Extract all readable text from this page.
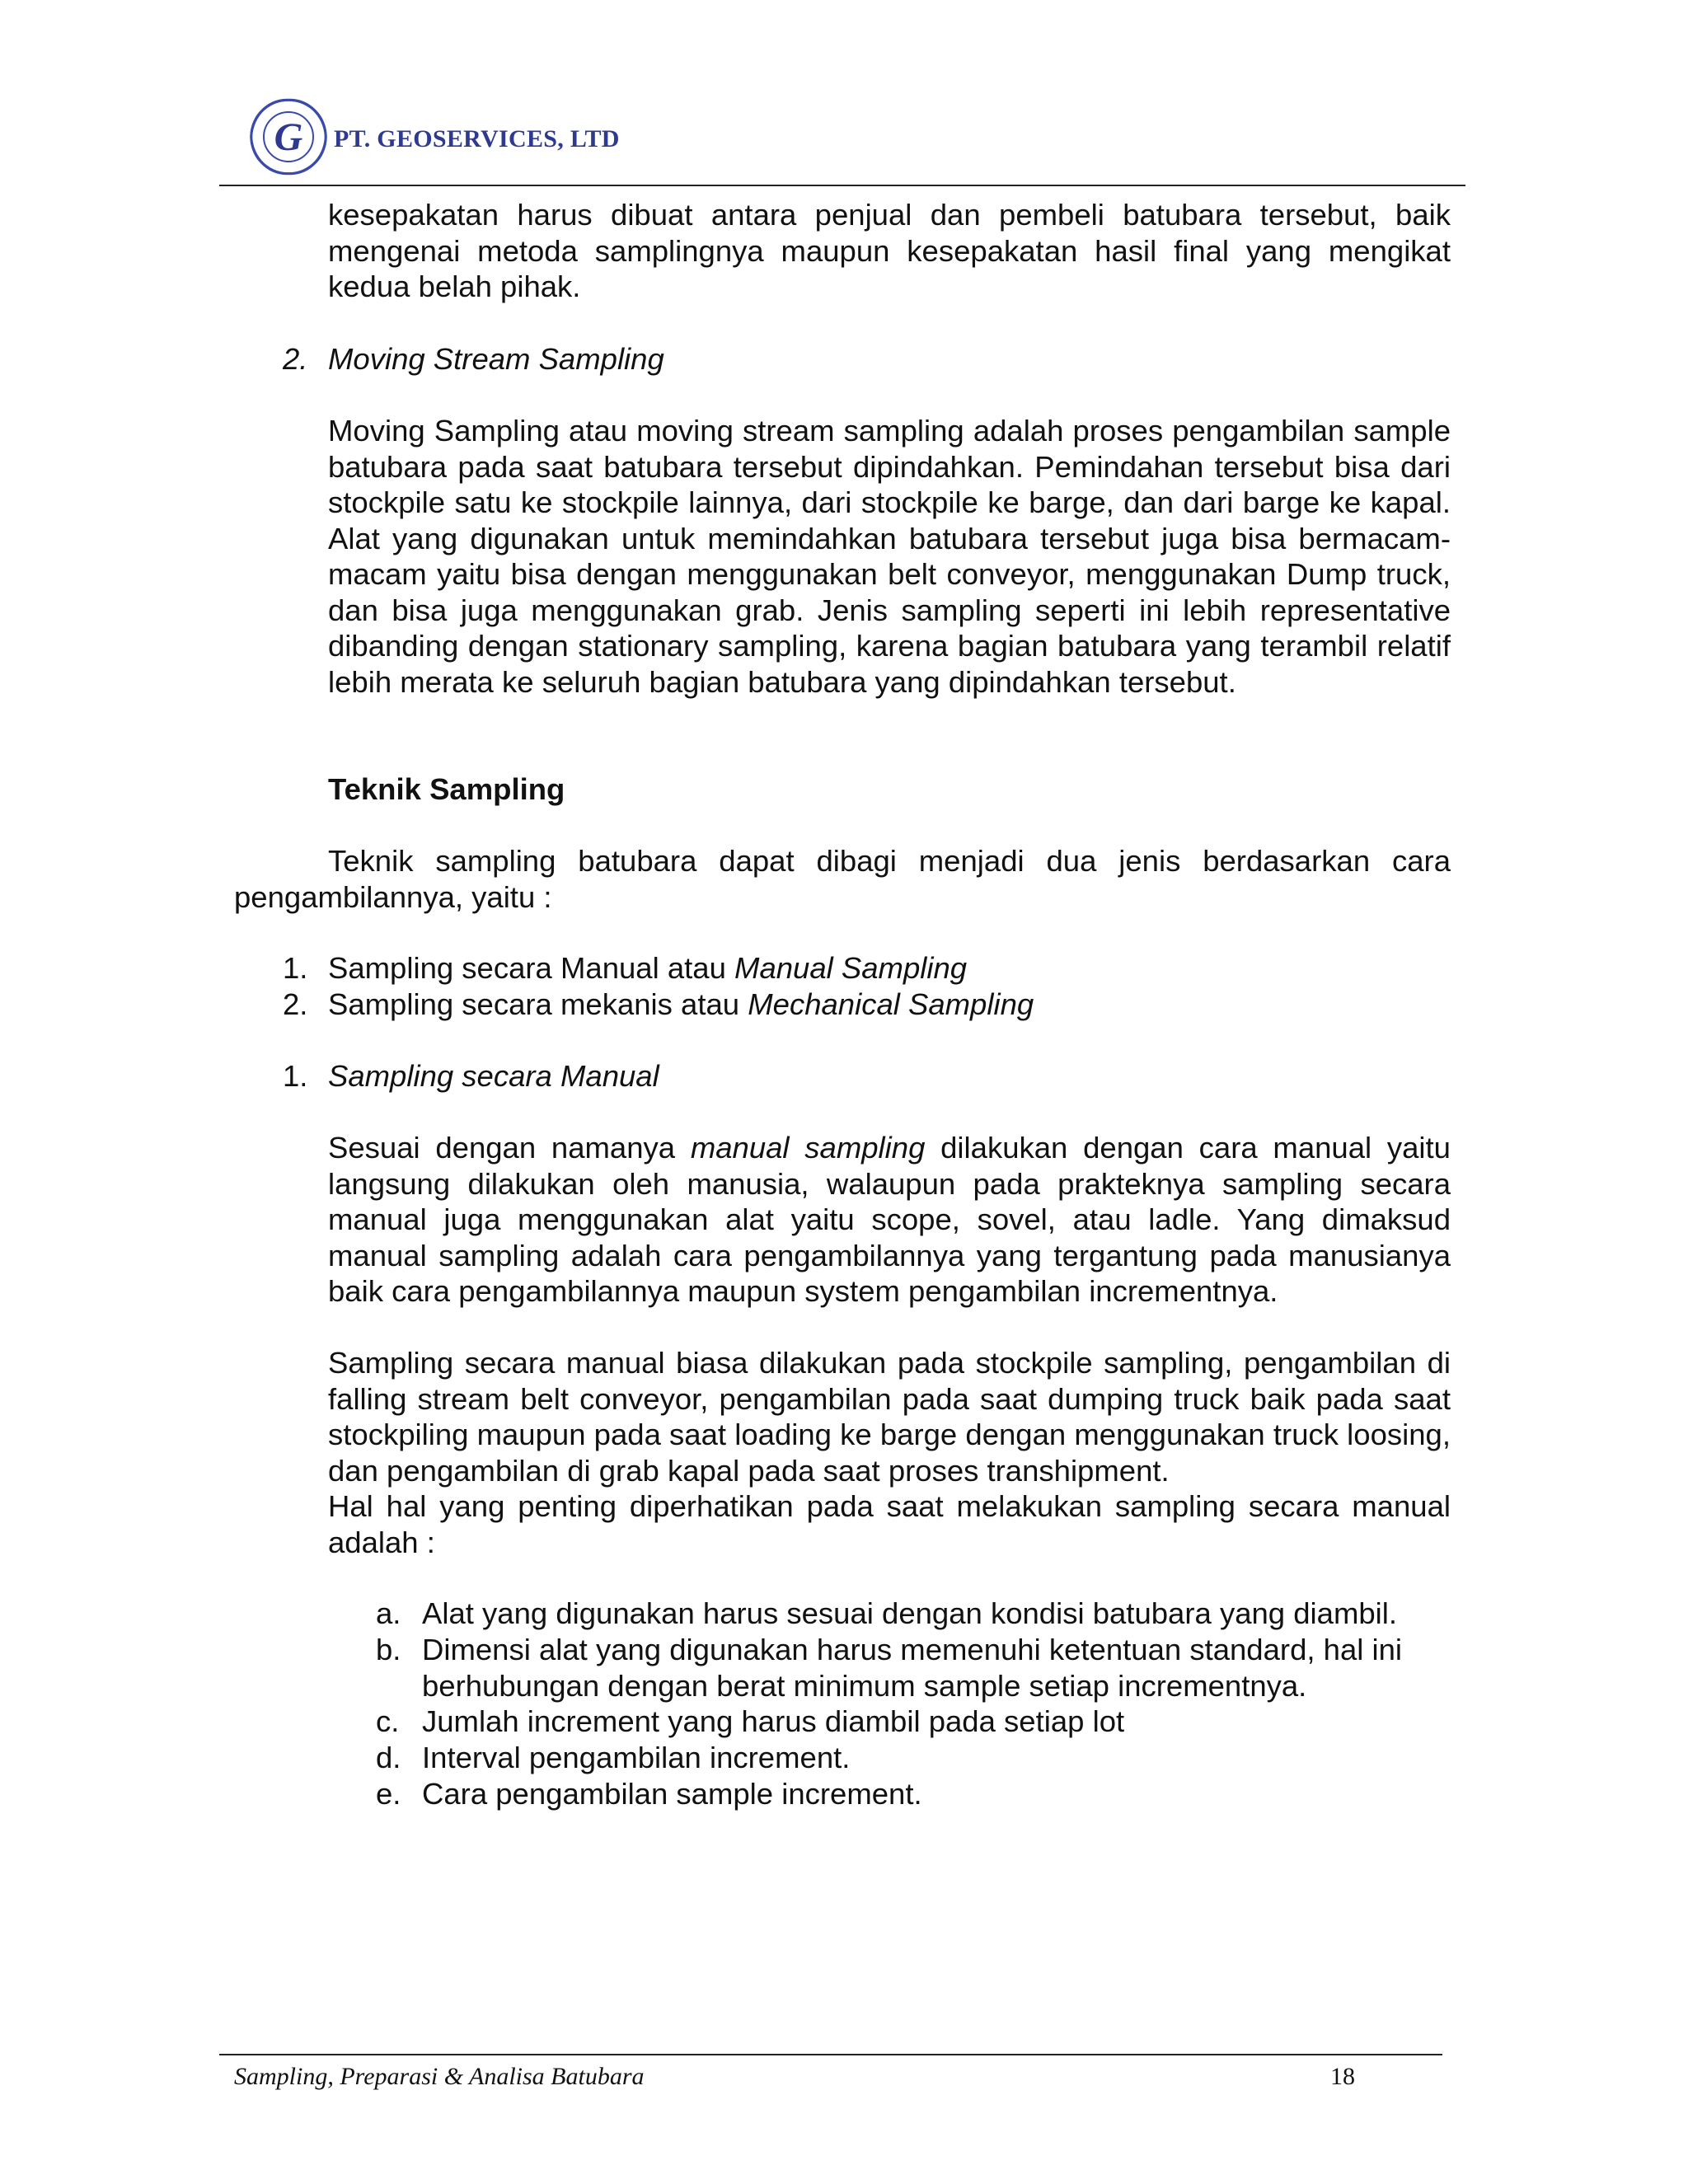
G PT. GEOSERVICES, LTD

kesepakatan harus dibuat antara penjual dan pembeli batubara tersebut, baik mengenai metoda samplingnya maupun kesepakatan hasil final yang mengikat kedua belah pihak.

2. Moving Stream Sampling

Moving Sampling atau moving stream sampling adalah proses pengambilan sample batubara pada saat batubara tersebut dipindahkan. Pemindahan tersebut bisa dari stockpile satu ke stockpile lainnya, dari stockpile ke barge, dan dari barge ke kapal. Alat yang digunakan untuk memindahkan batubara tersebut juga bisa bermacam-macam yaitu bisa dengan menggunakan belt conveyor, menggunakan Dump truck, dan bisa juga menggunakan grab. Jenis sampling seperti ini lebih representative dibanding dengan stationary sampling, karena bagian batubara yang terambil relatif lebih merata ke seluruh bagian batubara yang dipindahkan tersebut.

Teknik Sampling

Teknik sampling batubara dapat dibagi menjadi dua jenis berdasarkan cara pengambilannya, yaitu :

1. Sampling secara Manual atau Manual Sampling
2. Sampling secara mekanis atau Mechanical Sampling
1. Sampling secara Manual

Sesuai dengan namanya manual sampling dilakukan dengan cara manual yaitu langsung dilakukan oleh manusia, walaupun pada prakteknya sampling secara manual juga menggunakan alat yaitu scope, sovel, atau ladle. Yang dimaksud manual sampling adalah cara pengambilannya yang tergantung pada manusianya baik cara pengambilannya maupun system pengambilan incrementnya.

Sampling secara manual biasa dilakukan pada stockpile sampling, pengambilan di falling stream belt conveyor, pengambilan pada saat dumping truck baik pada saat stockpiling maupun pada saat loading ke barge dengan menggunakan truck loosing, dan pengambilan di grab kapal pada saat proses transhipment.

Hal hal yang penting diperhatikan pada saat melakukan sampling secara manual adalah :

a. Alat yang digunakan harus sesuai dengan kondisi batubara yang diambil.
b. Dimensi alat yang digunakan harus memenuhi ketentuan standard, hal ini berhubungan dengan berat minimum sample setiap incrementnya.
c. Jumlah increment yang harus diambil pada setiap lot
d. Interval pengambilan increment.
e. Cara pengambilan sample increment.
Sampling, Preparasi & Analisa Batubara	18
